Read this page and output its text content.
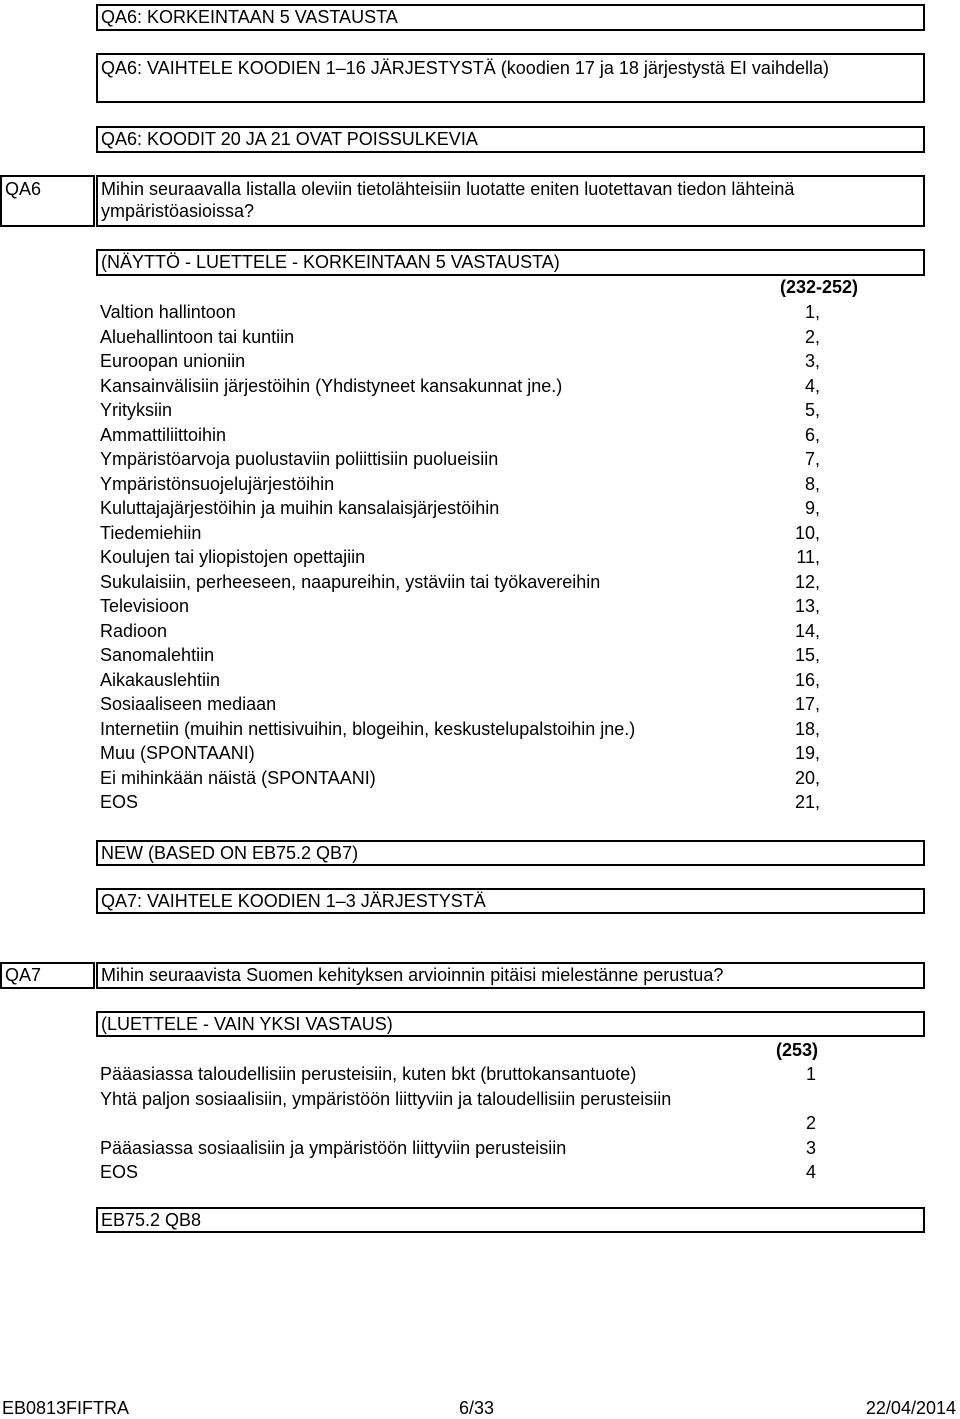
QA6: KORKEINTAAN 5 VASTAUSTA
QA6: VAIHTELE KOODIEN 1–16 JÄRJESTYSTÄ (koodien 17 ja 18 järjestystä EI vaihdella)
QA6: KOODIT 20 JA 21 OVAT POISSULKEVIA
QA6	Mihin seuraavalla listalla oleviin tietolähteisiin luotatte eniten luotettavan tiedon lähteinä ympäristöasioissa?
(NÄYTTÖ - LUETTELE - KORKEINTAAN 5 VASTAUSTA)
(232-252)
Valtion hallintoon	1,
Aluehallintoon tai kuntiin	2,
Euroopan unioniin	3,
Kansainvälisiin järjestöihin (Yhdistyneet kansakunnat jne.)	4,
Yrityksiin	5,
Ammattiliittoihin	6,
Ympäristöarvoja puolustaviin poliittisiin puolueisiin	7,
Ympäristönsuojelujärjestöihin	8,
Kuluttajajärjestöihin ja muihin kansalaisjärjestöihin	9,
Tiedemiehiin	10,
Koulujen tai yliopistojen opettajiin	11,
Sukulaisiin, perheeseen, naapureihin, ystäviin tai työkavereihin	12,
Televisioon	13,
Radioon	14,
Sanomalehtiin	15,
Aikakauslehtiin	16,
Sosiaaliseen mediaan	17,
Internetiin (muihin nettisivuihin, blogeihin, keskustelupalstoihin jne.)	18,
Muu (SPONTAANI)	19,
Ei mihinkään näistä (SPONTAANI)	20,
EOS	21,
NEW (BASED ON EB75.2 QB7)
QA7: VAIHTELE KOODIEN 1–3 JÄRJESTYSTÄ
QA7	Mihin seuraavista Suomen kehityksen arvioinnin pitäisi mielestänne perustua?
(LUETTELE - VAIN YKSI VASTAUS)
(253)
Pääasiassa taloudellisiin perusteisiin, kuten bkt (bruttokansantuote)	1
Yhtä paljon sosiaalisiin, ympäristöön liittyviin ja taloudellisiin perusteisiin
2
Pääasiassa sosiaalisiin ja ympäristöön liittyviin perusteisiin	3
EOS	4
EB75.2 QB8
EB0813FIFTRA	6/33	22/04/2014
